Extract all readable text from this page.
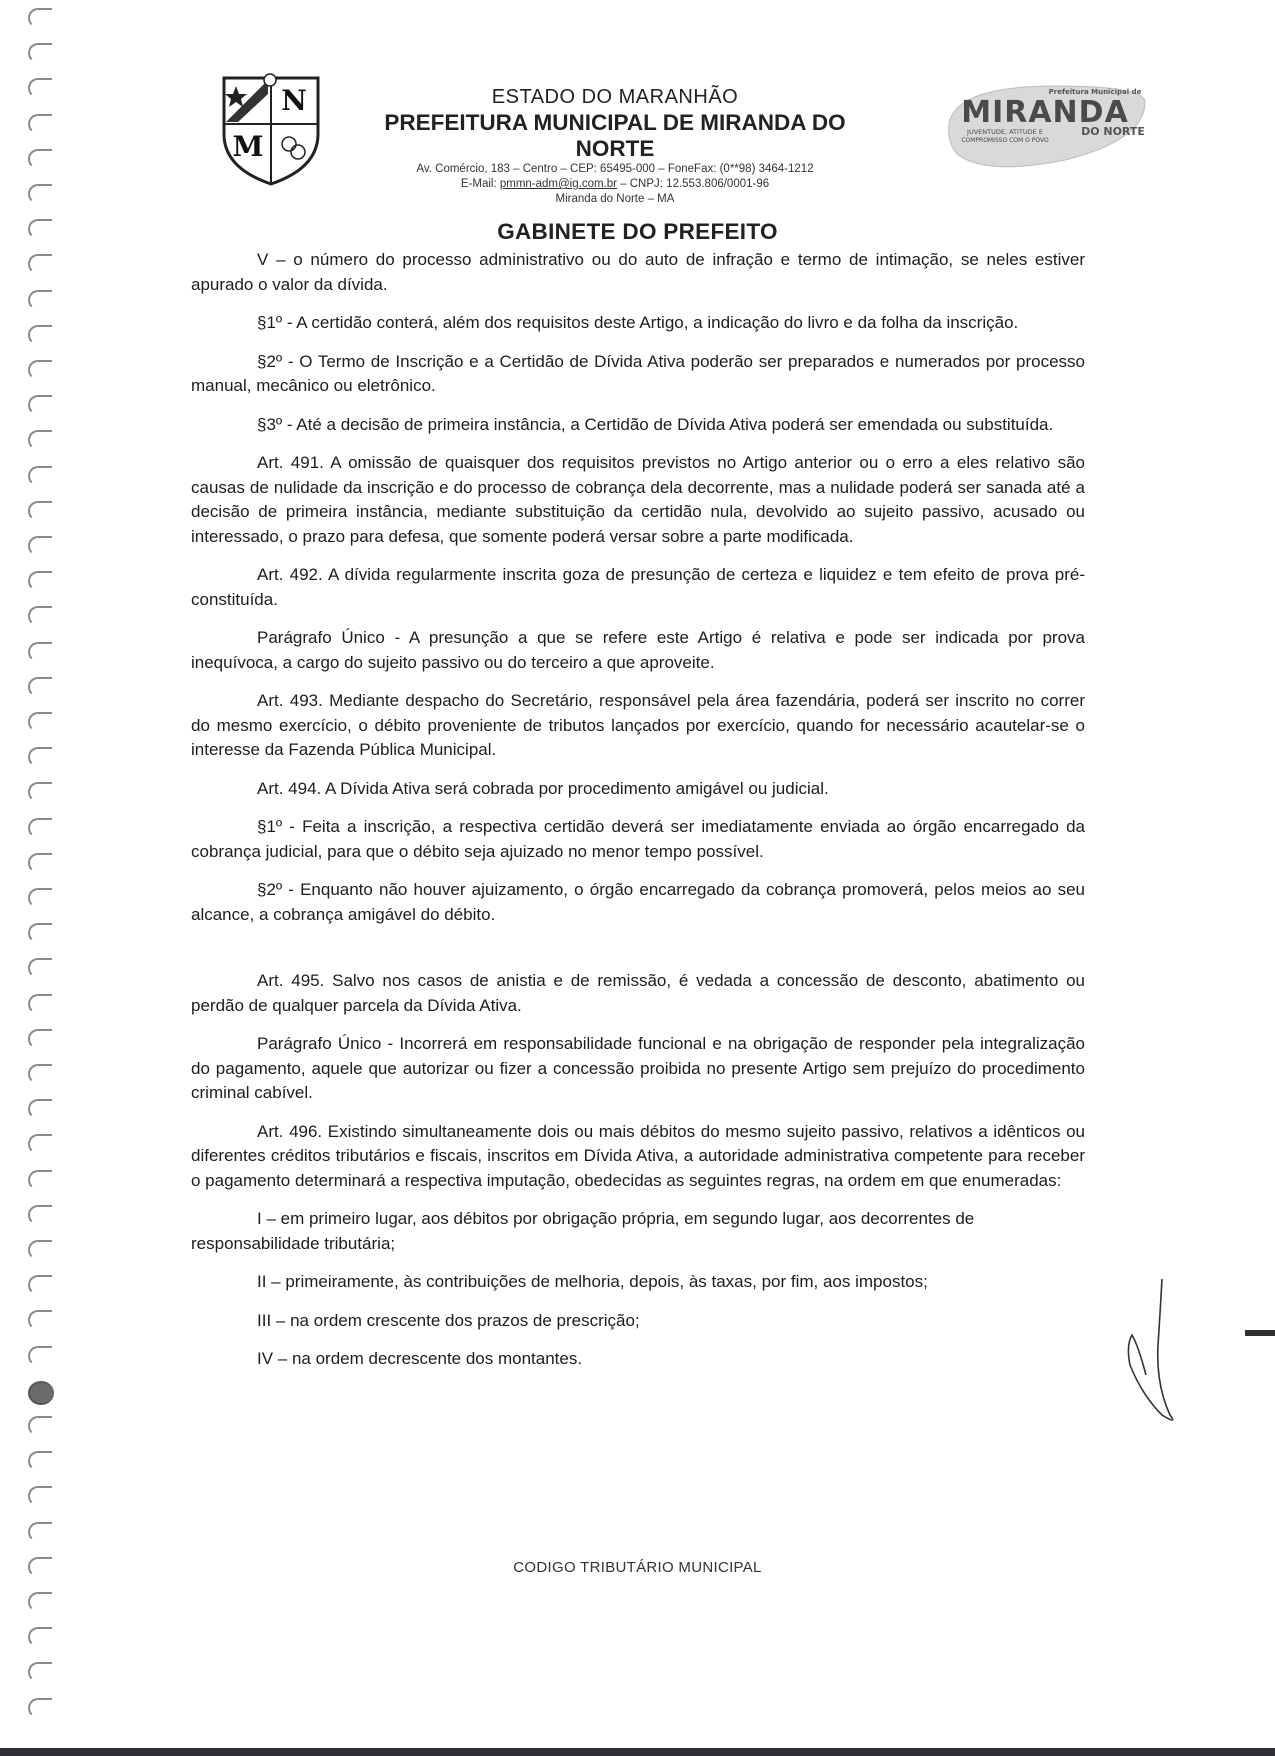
N
M
ESTADO DO MARANHÃO
PREFEITURA MUNICIPAL DE MIRANDA DO NORTE
Av. Comércio, 183 – Centro – CEP: 65495-000 – FoneFax: (0**98) 3464-1212
E-Mail: pmmn-adm@ig.com.br – CNPJ: 12.553.806/0001-96
Miranda do Norte – MA
Prefeitura Municipal de
MIRANDA
DO NORTE
JUVENTUDE, ATITUDE E
COMPROMISSO COM O POVO
GABINETE DO PREFEITO

V – o número do processo administrativo ou do auto de infração e termo de intimação, se neles estiver apurado o valor da dívida.

§1º - A certidão conterá, além dos requisitos deste Artigo, a indicação do livro e da folha da inscrição.

§2º - O Termo de Inscrição e a Certidão de Dívida Ativa poderão ser preparados e numerados por processo manual, mecânico ou eletrônico.

§3º - Até a decisão de primeira instância, a Certidão de Dívida Ativa poderá ser emendada ou substituída.

Art. 491. A omissão de quaisquer dos requisitos previstos no Artigo anterior ou o erro a eles relativo são causas de nulidade da inscrição e do processo de cobrança dela decorrente, mas a nulidade poderá ser sanada até a decisão de primeira instância, mediante substituição da certidão nula, devolvido ao sujeito passivo, acusado ou interessado, o prazo para defesa, que somente poderá versar sobre a parte modificada.

Art. 492. A dívida regularmente inscrita goza de presunção de certeza e liquidez e tem efeito de prova pré-constituída.

Parágrafo Único - A presunção a que se refere este Artigo é relativa e pode ser indicada por prova inequívoca, a cargo do sujeito passivo ou do terceiro a que aproveite.

Art. 493. Mediante despacho do Secretário, responsável pela área fazendária, poderá ser inscrito no correr do mesmo exercício, o débito proveniente de tributos lançados por exercício, quando for necessário acautelar-se o interesse da Fazenda Pública Municipal.

Art. 494. A Dívida Ativa será cobrada por procedimento amigável ou judicial.

§1º - Feita a inscrição, a respectiva certidão deverá ser imediatamente enviada ao órgão encarregado da cobrança judicial, para que o débito seja ajuizado no menor tempo possível.

§2º - Enquanto não houver ajuizamento, o órgão encarregado da cobrança promoverá, pelos meios ao seu alcance, a cobrança amigável do débito.

Art. 495. Salvo nos casos de anistia e de remissão, é vedada a concessão de desconto, abatimento ou perdão de qualquer parcela da Dívida Ativa.

Parágrafo Único - Incorrerá em responsabilidade funcional e na obrigação de responder pela integralização do pagamento, aquele que autorizar ou fizer a concessão proibida no presente Artigo sem prejuízo do procedimento criminal cabível.

Art. 496. Existindo simultaneamente dois ou mais débitos do mesmo sujeito passivo, relativos a idênticos ou diferentes créditos tributários e fiscais, inscritos em Dívida Ativa, a autoridade administrativa competente para receber o pagamento determinará a respectiva imputação, obedecidas as seguintes regras, na ordem em que enumeradas:

I – em primeiro lugar, aos débitos por obrigação própria, em segundo lugar, aos decorrentes de responsabilidade tributária;

II – primeiramente, às contribuições de melhoria, depois, às taxas, por fim, aos impostos;

III – na ordem crescente dos prazos de prescrição;

IV – na ordem decrescente dos montantes.

CODIGO TRIBUTÁRIO MUNICIPAL
